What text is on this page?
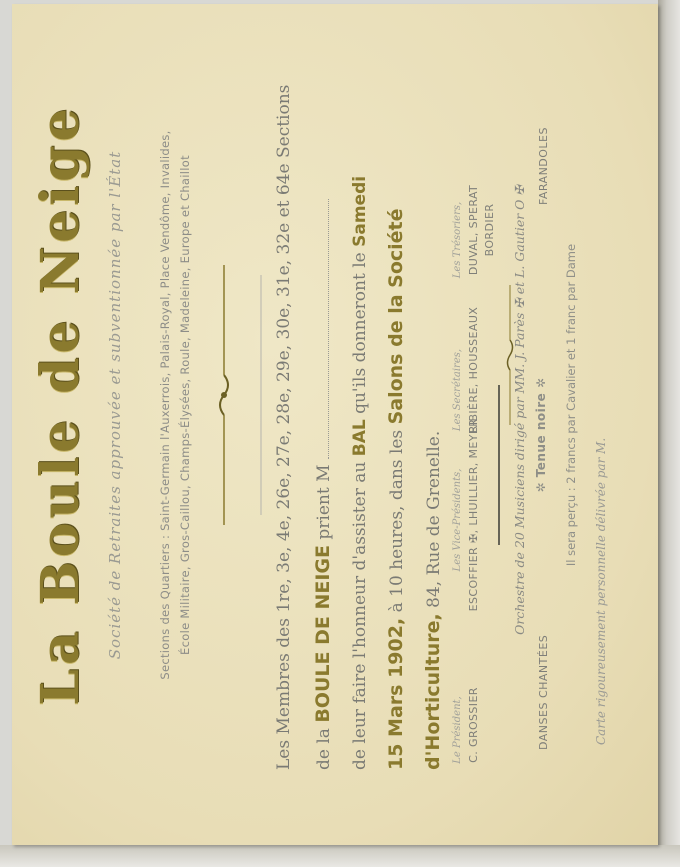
La Boule de Neige Société de Retraites approuvée et subventionnée par l'État	Sections des Quartiers : Saint-Germain l'Auxerrois, Palais-Royal, Place Vendôme, Invalides, École Militaire, Gros-Caillou, Champs-Élysées, Roule, Madeleine, Europe et Chaillot	Les Membres des 1re, 3e, 4e, 26e, 27e, 28e, 29e, 30e, 31e, 32e et 64e Sections de la BOULE DE NEIGE prient M de leur faire l'honneur d'assister au BAL qu'ils donneront le Samedi
15 Mars 1902, à 10 heures, dans les Salons de la Société
d'Horticulture, 84, Rue de Grenelle.
Le Président, C. GROSSIER
Les Vice-Présidents, ESCOFFIER ✠, LHUILLIER, MEYER
Les Secrétaires, RIBIÈRE, HOUSSEAUX
Les Trésoriers, DUVAL, SPERAT BORDIER Orchestre de 20 Musiciens dirigé par MM. J. Parès ✠ et L. Gautier O ✠
DANSES CHANTÉES
✲ Tenue noire ✲
FARANDOLES
Il sera perçu : 2 francs par Cavalier et 1 franc par Dame
Carte rigoureusement personnelle délivrée par M.
